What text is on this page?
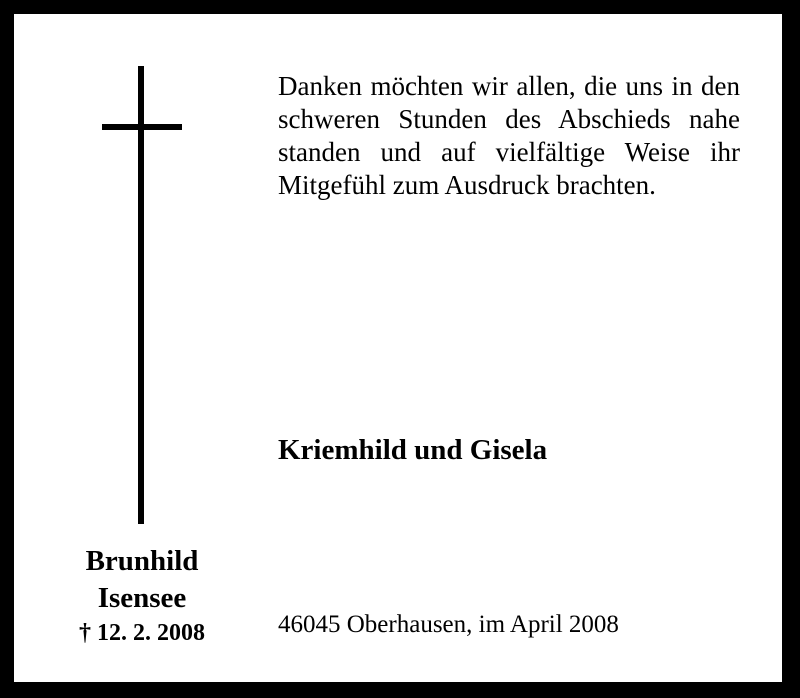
Danken möchten wir allen, die uns in den schweren Stunden des Abschieds nahe standen und auf vielfältige Weise ihr Mitgefühl zum Ausdruck brachten.

Kriemhild und Gisela
46045 Oberhausen, im April 2008
Brunhild
Isensee
† 12. 2. 2008
